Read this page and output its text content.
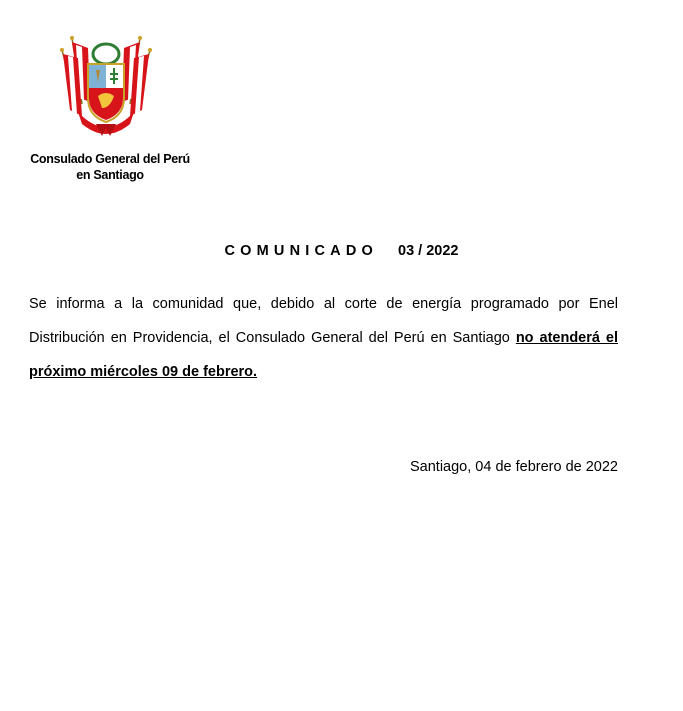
Consulado General del Perú
en Santiago
COMUNICADO 03 / 2022
Se informa a la comunidad que, debido al corte de energía programado por Enel Distribución en Providencia, el Consulado General del Perú en Santiago no atenderá el próximo miércoles 09 de febrero.
Santiago, 04 de febrero de 2022
